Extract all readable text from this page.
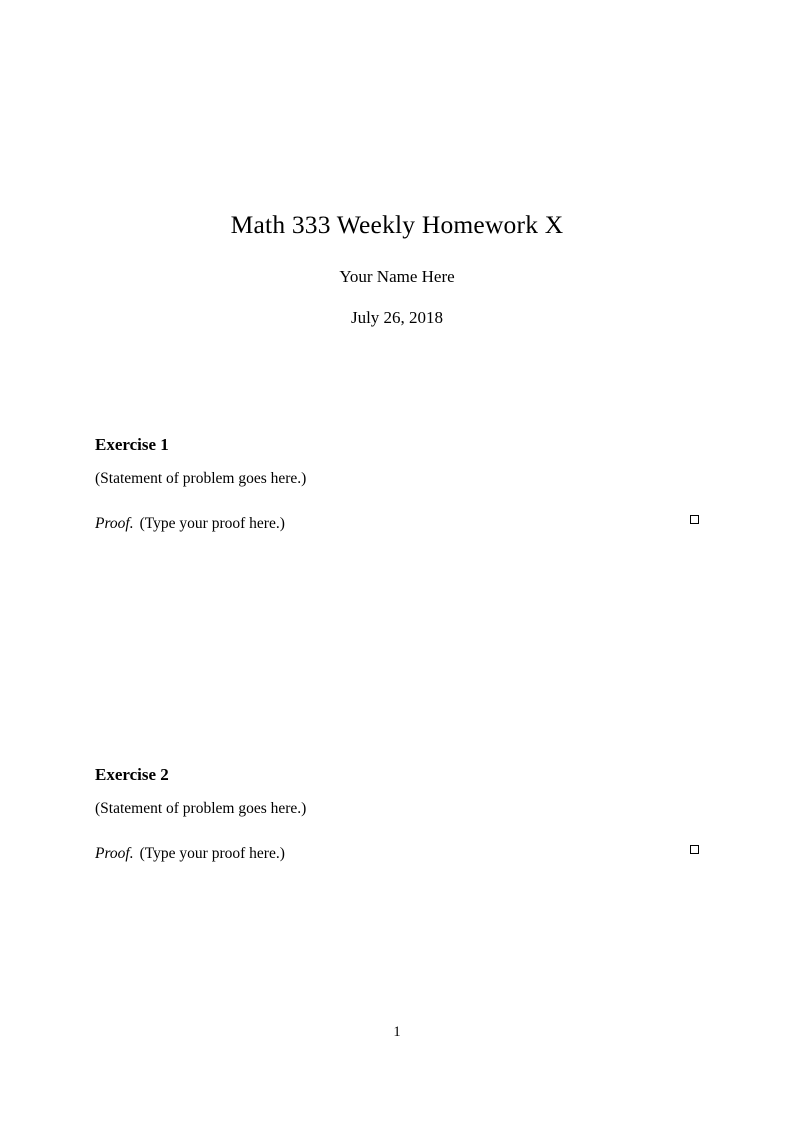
Math 333 Weekly Homework X

Your Name Here

July 26, 2018

Exercise 1
(Statement of problem goes here.)
Proof. (Type your proof here.)
Exercise 2
(Statement of problem goes here.)
Proof. (Type your proof here.)
1
